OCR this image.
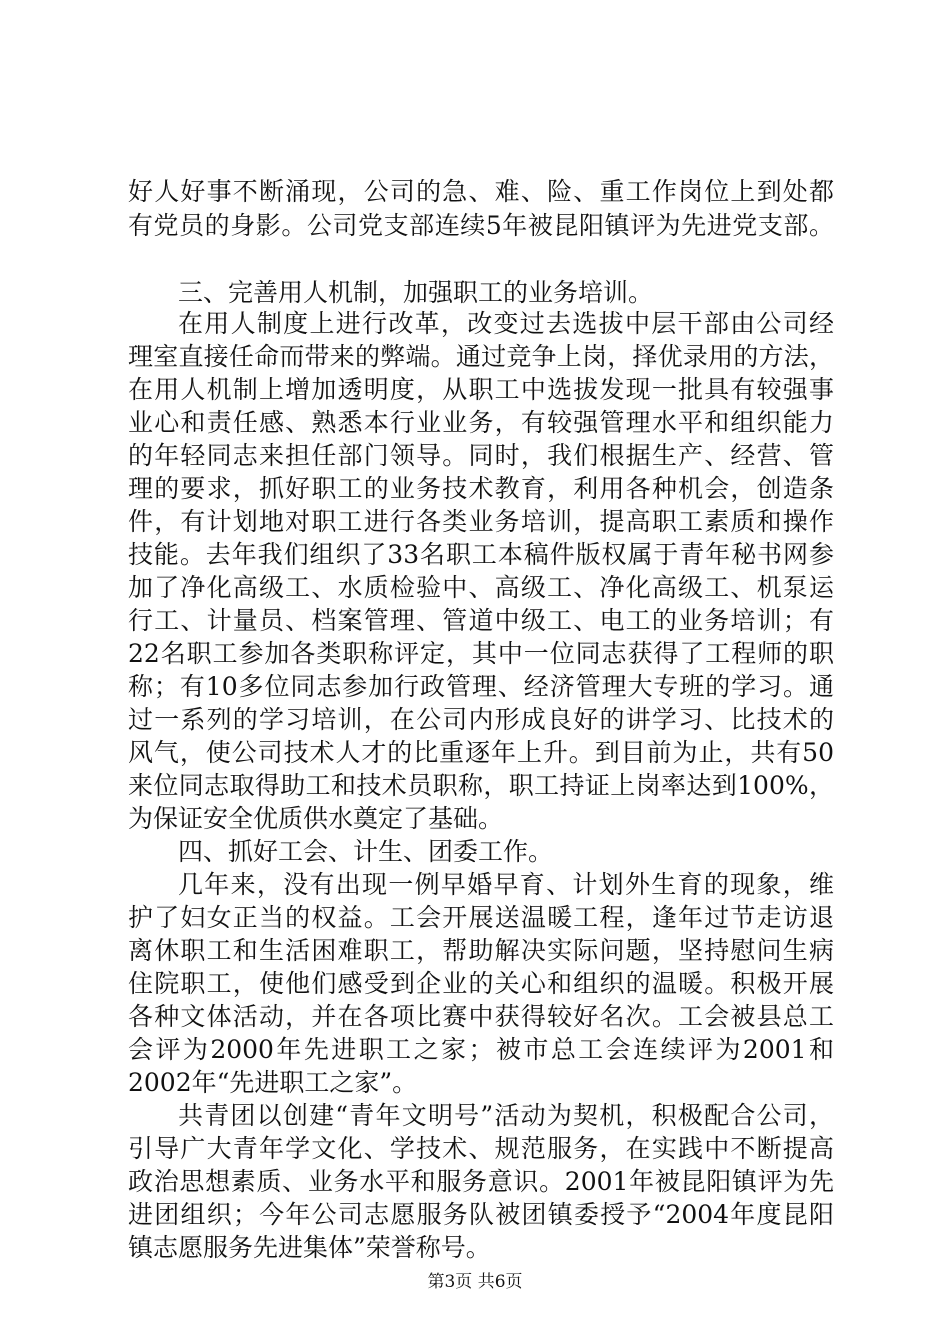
好人好事不断涌现，公司的急、难、险、重工作岗位上到处都
有党员的身影。公司党支部连续5年被昆阳镇评为先进党支部。
三、完善用人机制，加强职工的业务培训。
在用人制度上进行改革，改变过去选拔中层干部由公司经
理室直接任命而带来的弊端。通过竞争上岗，择优录用的方法，
在用人机制上增加透明度，从职工中选拔发现一批具有较强事
业心和责任感、熟悉本行业业务，有较强管理水平和组织能力
的年轻同志来担任部门领导。同时，我们根据生产、经营、管
理的要求，抓好职工的业务技术教育，利用各种机会，创造条
件，有计划地对职工进行各类业务培训，提高职工素质和操作
技能。去年我们组织了33名职工本稿件版权属于青年秘书网参
加了净化高级工、水质检验中、高级工、净化高级工、机泵运
行工、计量员、档案管理、管道中级工、电工的业务培训；有
22名职工参加各类职称评定，其中一位同志获得了工程师的职
称；有10多位同志参加行政管理、经济管理大专班的学习。通
过一系列的学习培训，在公司内形成良好的讲学习、比技术的
风气，使公司技术人才的比重逐年上升。到目前为止，共有50
来位同志取得助工和技术员职称，职工持证上岗率达到100%，
为保证安全优质供水奠定了基础。
四、抓好工会、计生、团委工作。
几年来，没有出现一例早婚早育、计划外生育的现象，维
护了妇女正当的权益。工会开展送温暖工程，逢年过节走访退
离休职工和生活困难职工，帮助解决实际问题，坚持慰问生病
住院职工，使他们感受到企业的关心和组织的温暖。积极开展
各种文体活动，并在各项比赛中获得较好名次。工会被县总工
会评为2000年先进职工之家；被市总工会连续评为2001和
2002年“先进职工之家”。
共青团以创建“青年文明号”活动为契机，积极配合公司，
引导广大青年学文化、学技术、规范服务，在实践中不断提高
政治思想素质、业务水平和服务意识。2001年被昆阳镇评为先
进团组织；今年公司志愿服务队被团镇委授予“2004年度昆阳
镇志愿服务先进集体”荣誉称号。
第3页 共6页
